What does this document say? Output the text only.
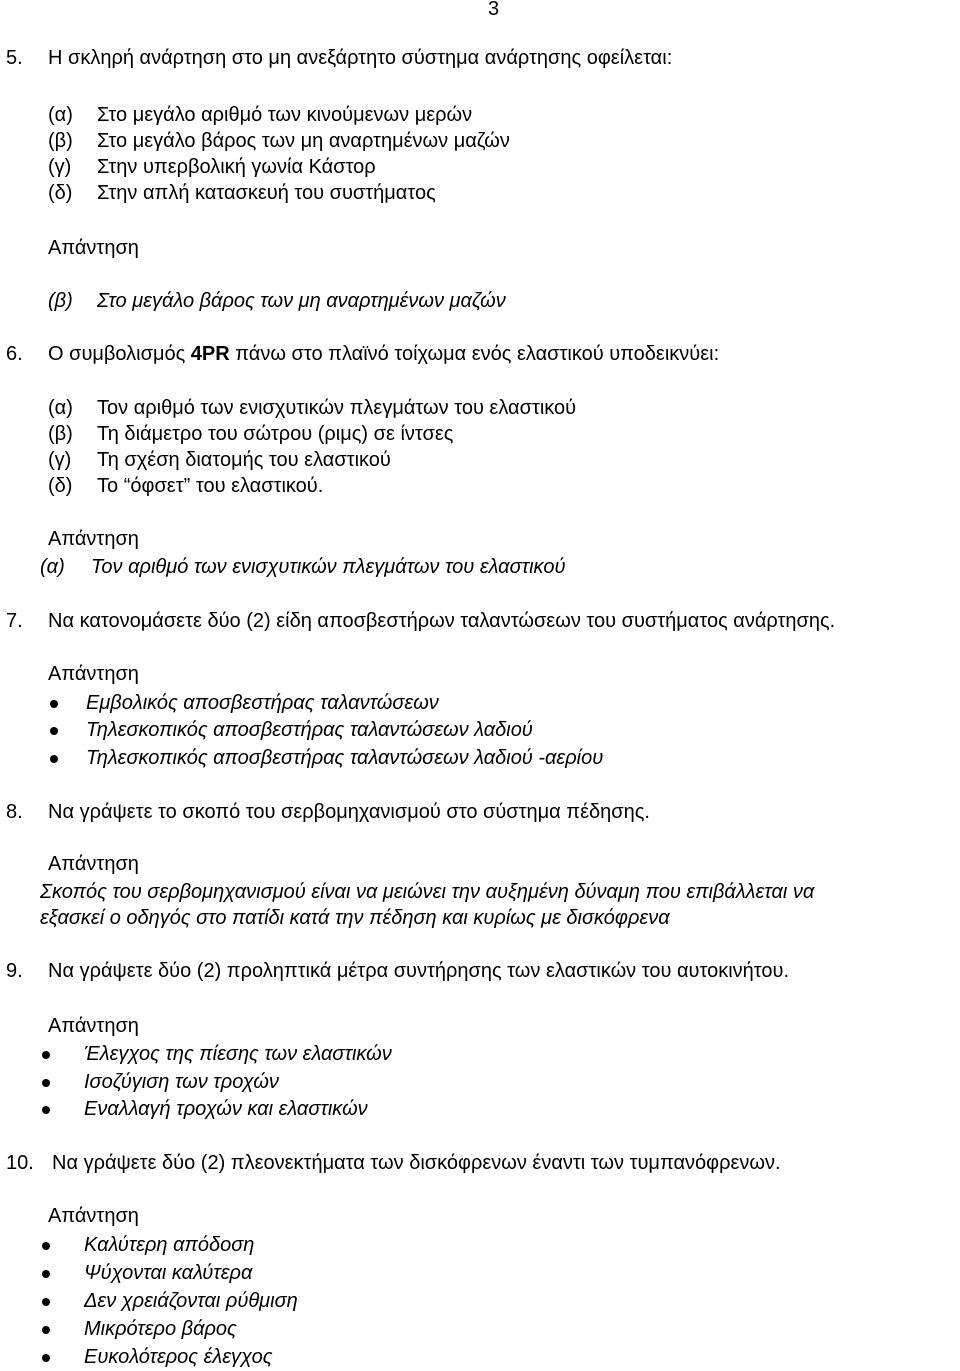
3
5. Η σκληρή ανάρτηση στο μη ανεξάρτητο σύστημα ανάρτησης οφείλεται:
(α) Στο μεγάλο αριθμό των κινούμενων μερών
(β) Στο μεγάλο βάρος των μη αναρτημένων μαζών
(γ) Στην υπερβολική γωνία Κάστορ
(δ) Στην απλή κατασκευή του συστήματος
Απάντηση
(β) Στο μεγάλο βάρος των μη αναρτημένων μαζών
6. Ο συμβολισμός 4PR πάνω στο πλαϊνό τοίχωμα ενός ελαστικού υποδεικνύει:
(α) Τον αριθμό των ενισχυτικών πλεγμάτων του ελαστικού
(β) Τη διάμετρο του σώτρου (ριμς) σε ίντσες
(γ) Τη σχέση διατομής του ελαστικού
(δ) Το “όφσετ” του ελαστικού.
Απάντηση
(α) Τον αριθμό των ενισχυτικών πλεγμάτων του ελαστικού
7. Να κατονομάσετε δύο (2) είδη αποσβεστήρων ταλαντώσεων του συστήματος ανάρτησης.
Απάντηση
Εμβολικός αποσβεστήρας ταλαντώσεων
Τηλεσκοπικός αποσβεστήρας ταλαντώσεων λαδιού
Τηλεσκοπικός αποσβεστήρας ταλαντώσεων λαδιού -αερίου
8. Να γράψετε το σκοπό του σερβομηχανισμού στο σύστημα πέδησης.
Απάντηση
Σκοπός του σερβομηχανισμού είναι να μειώνει την αυξημένη δύναμη που επιβάλλεται να
εξασκεί ο οδηγός στο πατίδι κατά την πέδηση και κυρίως με δισκόφρενα
9. Να γράψετε δύο (2) προληπτικά μέτρα συντήρησης των ελαστικών του αυτοκινήτου.
Απάντηση
Έλεγχος της πίεσης των ελαστικών
Ισοζύγιση των τροχών
Εναλλαγή τροχών και ελαστικών
10. Να γράψετε δύο (2) πλεονεκτήματα των δισκόφρενων έναντι των τυμπανόφρενων.
Απάντηση
Καλύτερη απόδοση
Ψύχονται καλύτερα
Δεν χρειάζονται ρύθμιση
Μικρότερο βάρος
Ευκολότερος έλεγχος
